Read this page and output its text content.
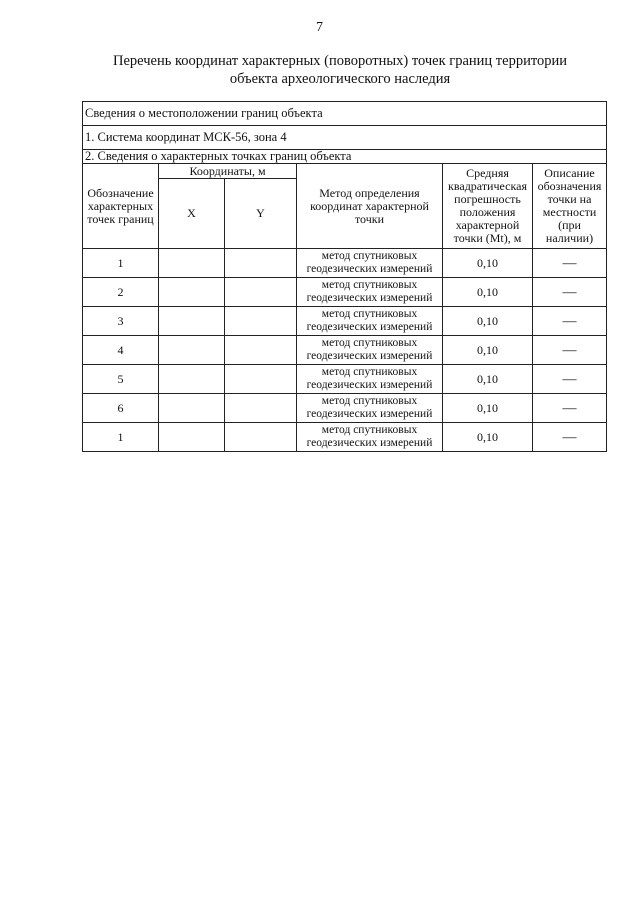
7
Перечень координат характерных (поворотных) точек границ территории
объекта археологического наследия
Сведения о местоположении границ объекта					
1. Система координат МСК-56, зона 4					
2. Сведения о характерных точках границ объекта					
Обозначение характерных точек границ	Координаты, м		Метод определения координат характерной точки	Средняя квадратическая погрешность положения характерной точки (Mt), м	Описание обозначения точки на местности (при наличии)
	X	Y			
1			метод спутниковых геодезических измерений	0,10	—
2			метод спутниковых геодезических измерений	0,10	—
3			метод спутниковых геодезических измерений	0,10	—
4			метод спутниковых геодезических измерений	0,10	—
5			метод спутниковых геодезических измерений	0,10	—
6			метод спутниковых геодезических измерений	0,10	—
1			метод спутниковых геодезических измерений	0,10	—
